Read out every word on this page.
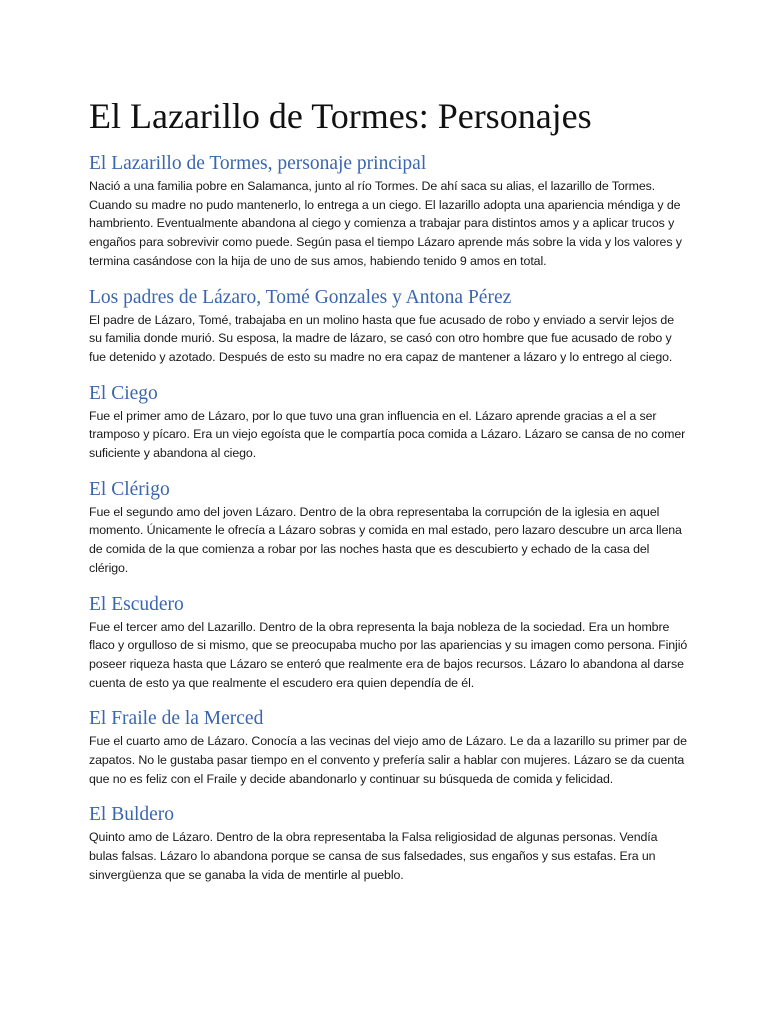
El Lazarillo de Tormes: Personajes
El Lazarillo de Tormes, personaje principal

Nació a una familia pobre en Salamanca, junto al río Tormes. De ahí saca su alias, el lazarillo de Tormes. Cuando su madre no pudo mantenerlo, lo entrega a un ciego. El lazarillo adopta una apariencia méndiga y de hambriento. Eventualmente abandona al ciego y comienza a trabajar para distintos amos y a aplicar trucos y engaños para sobrevivir como puede. Según pasa el tiempo Lázaro aprende más sobre la vida y los valores y termina casándose con la hija de uno de sus amos, habiendo tenido 9 amos en total.

Los padres de Lázaro, Tomé Gonzales y Antona Pérez

El padre de Lázaro, Tomé, trabajaba en un molino hasta que fue acusado de robo y enviado a servir lejos de su familia donde murió. Su esposa, la madre de lázaro, se casó con otro hombre que fue acusado de robo y fue detenido y azotado. Después de esto su madre no era capaz de mantener a lázaro y lo entrego al ciego.

El Ciego

Fue el primer amo de Lázaro, por lo que tuvo una gran influencia en el. Lázaro aprende gracias a el a ser tramposo y pícaro. Era un viejo egoísta que le compartía poca comida a Lázaro. Lázaro se cansa de no comer suficiente y abandona al ciego.

El Clérigo

Fue el segundo amo del joven Lázaro. Dentro de la obra representaba la corrupción de la iglesia en aquel momento. Únicamente le ofrecía a Lázaro sobras y comida en mal estado, pero lazaro descubre un arca llena de comida de la que comienza a robar por las noches hasta que es descubierto y echado de la casa del clérigo.

El Escudero

Fue el tercer amo del Lazarillo. Dentro de la obra representa la baja nobleza de la sociedad. Era un hombre flaco y orgulloso de si mismo, que se preocupaba mucho por las apariencias y su imagen como persona. Finjió poseer riqueza hasta que Lázaro se enteró que realmente era de bajos recursos. Lázaro lo abandona al darse cuenta de esto ya que realmente el escudero era quien dependía de él.

El Fraile de la Merced

Fue el cuarto amo de Lázaro. Conocía a las vecinas del viejo amo de Lázaro. Le da a lazarillo su primer par de zapatos. No le gustaba pasar tiempo en el convento y prefería salir a hablar con mujeres. Lázaro se da cuenta que no es feliz con el Fraile y decide abandonarlo y continuar su búsqueda de comida y felicidad.

El Buldero

Quinto amo de Lázaro. Dentro de la obra representaba la Falsa religiosidad de algunas personas. Vendía bulas falsas. Lázaro lo abandona porque se cansa de sus falsedades, sus engaños y sus estafas. Era un sinvergüenza que se ganaba la vida de mentirle al pueblo.
